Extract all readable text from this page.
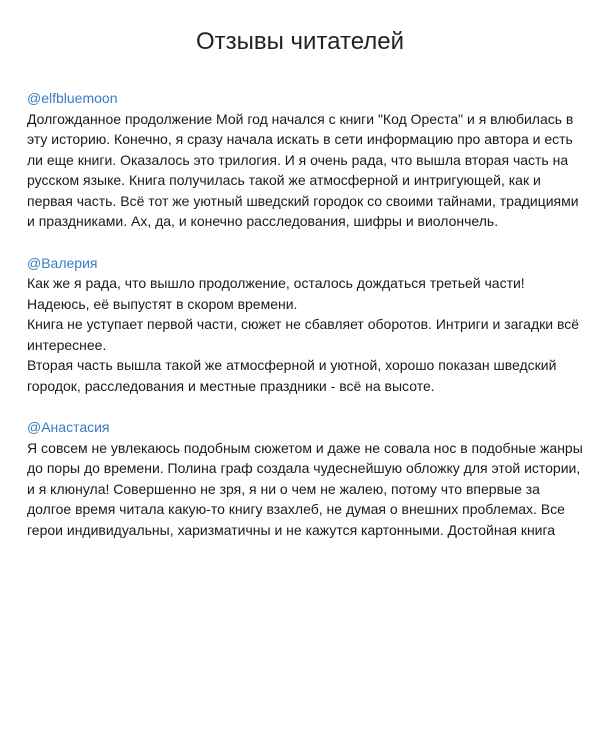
Отзывы читателей
@elfbluemoon

Долгожданное продолжение Мой год начался с книги "Код Ореста" и я влюбилась в эту историю. Конечно, я сразу начала искать в сети информацию про автора и есть ли еще книги. Оказалось это трилогия. И я очень рада, что вышла вторая часть на русском языке. Книга получилась такой же атмосферной и интригующей, как и первая часть. Всё тот же уютный шведский городок со своими тайнами, традициями и праздниками. Ах, да, и конечно расследования, шифры и виолончель.

@Валерия

Как же я рада, что вышло продолжение, осталось дождаться третьей части! Надеюсь, её выпустят в скором времени.

Книга не уступает первой части, сюжет не сбавляет оборотов. Интриги и загадки всё интереснее.

Вторая часть вышла такой же атмосферной и уютной, хорошо показан шведский городок, расследования и местные праздники - всё на высоте.

@Анастасия

Я совсем не увлекаюсь подобным сюжетом и даже не совала нос в подобные жанры до поры до времени. Полина граф создала чудеснейшую обложку для этой истории, и я клюнула! Совершенно не зря, я ни о чем не жалею, потому что впервые за долгое время читала какую-то книгу взахлеб, не думая о внешних проблемах. Все герои индивидуальны, харизматичны и не кажутся картонными. Достойная книга
